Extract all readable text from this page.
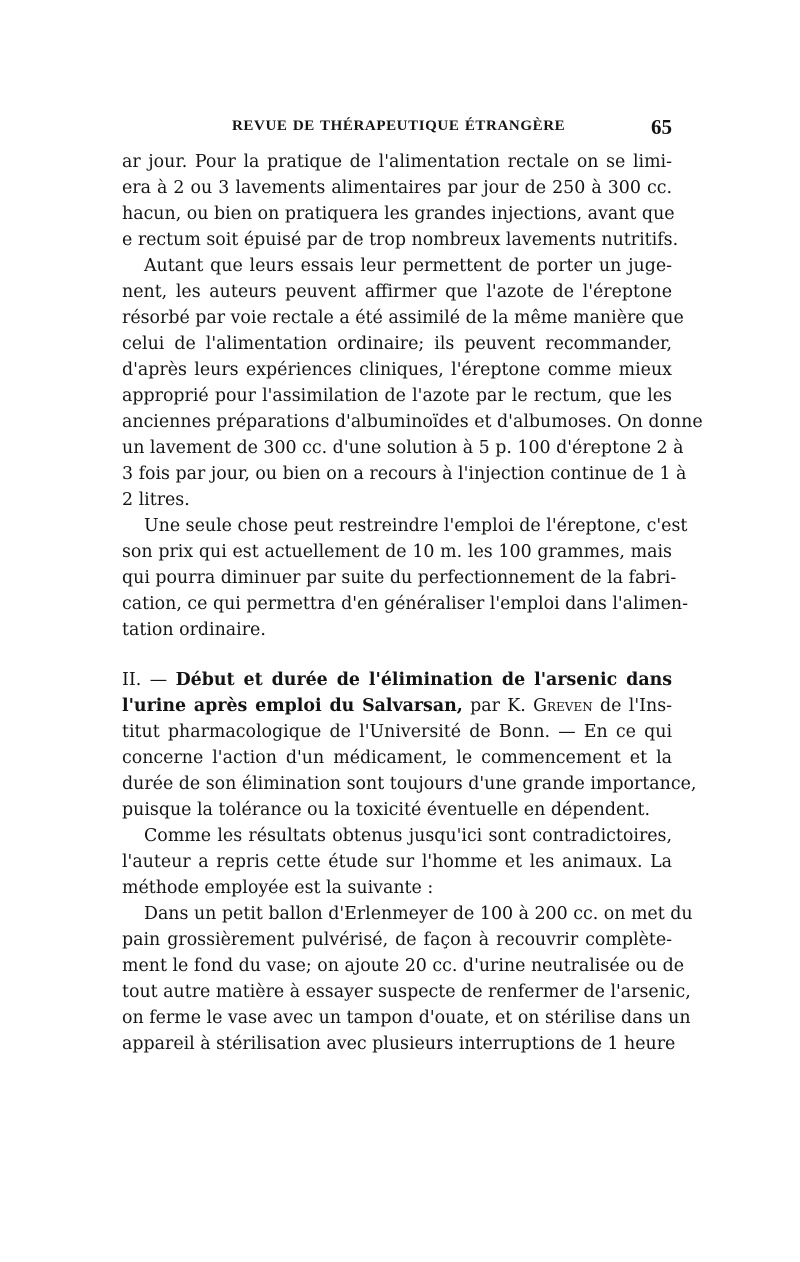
REVUE DE THÉRAPEUTIQUE ÉTRANGÈRE	65
ar jour. Pour la pratique de l'alimentation rectale on se limi-
era à 2 ou 3 lavements alimentaires par jour de 250 à 300 cc.
hacun, ou bien on pratiquera les grandes injections, avant que
e rectum soit épuisé par de trop nombreux lavements nutritifs.
Autant que leurs essais leur permettent de porter un juge-
nent, les auteurs peuvent affirmer que l'azote de l'éreptone
résorbé par voie rectale a été assimilé de la même manière que
celui de l'alimentation ordinaire; ils peuvent recommander,
d'après leurs expériences cliniques, l'éreptone comme mieux
approprié pour l'assimilation de l'azote par le rectum, que les
anciennes préparations d'albuminoïdes et d'albumoses. On donne
un lavement de 300 cc. d'une solution à 5 p. 100 d'éreptone 2 à
3 fois par jour, ou bien on a recours à l'injection continue de 1 à
2 litres.
Une seule chose peut restreindre l'emploi de l'éreptone, c'est
son prix qui est actuellement de 10 m. les 100 grammes, mais
qui pourra diminuer par suite du perfectionnement de la fabri-
cation, ce qui permettra d'en généraliser l'emploi dans l'alimen-
tation ordinaire.
II. — Début et durée de l'élimination de l'arsenic dans
l'urine après emploi du Salvarsan, par K. Greven de l'Ins-
titut pharmacologique de l'Université de Bonn. — En ce qui
concerne l'action d'un médicament, le commencement et la
durée de son élimination sont toujours d'une grande importance,
puisque la tolérance ou la toxicité éventuelle en dépendent.
Comme les résultats obtenus jusqu'ici sont contradictoires,
l'auteur a repris cette étude sur l'homme et les animaux. La
méthode employée est la suivante :
Dans un petit ballon d'Erlenmeyer de 100 à 200 cc. on met du
pain grossièrement pulvérisé, de façon à recouvrir complète-
ment le fond du vase; on ajoute 20 cc. d'urine neutralisée ou de
tout autre matière à essayer suspecte de renfermer de l'arsenic,
on ferme le vase avec un tampon d'ouate, et on stérilise dans un
appareil à stérilisation avec plusieurs interruptions de 1 heure
